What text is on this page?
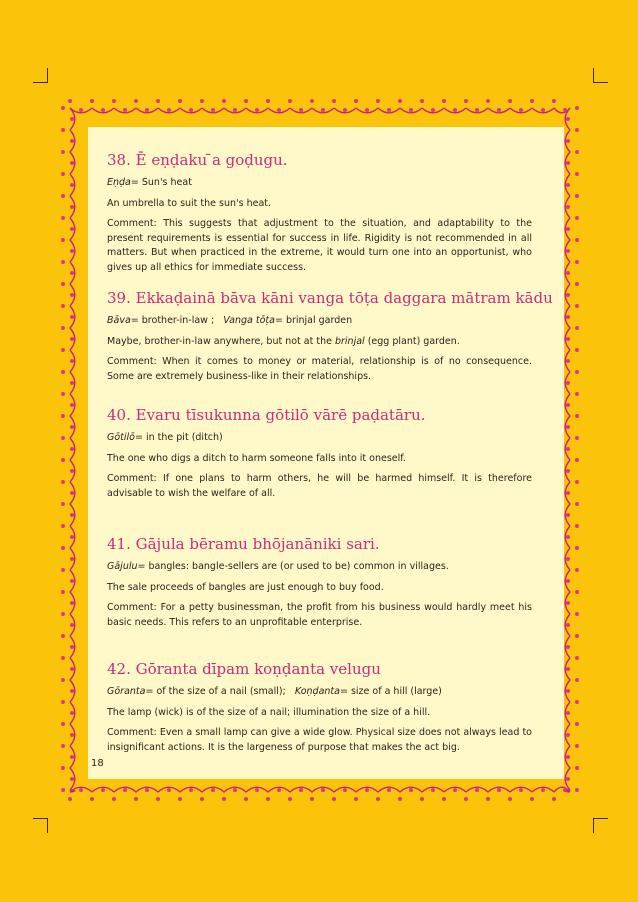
38. Ē eṇḍaku ̄a goḍugu.
Eṇḍa= Sun's heat
An umbrella to suit the sun's heat.
Comment: This suggests that adjustment to the situation, and adaptability to the present requirements is essential for success in life. Rigidity is not recommended in all matters. But when practiced in the extreme, it would turn one into an opportunist, who gives up all ethics for immediate success.
39. Ekkaḍainā bāva kāni vanga tōṭa daggara mātram kādu
Bāva= brother-in-law ; Vanga tōṭa= brinjal garden
Maybe, brother-in-law anywhere, but not at the brinjal (egg plant) garden.
Comment: When it comes to money or material, relationship is of no consequence. Some are extremely business-like in their relationships.
40. Evaru tīsukunna gōtilō vārē paḍatāru.
Gōtilō= in the pit (ditch)
The one who digs a ditch to harm someone falls into it oneself.
Comment: If one plans to harm others, he will be harmed himself. It is therefore advisable to wish the welfare of all.
41. Gājula bēramu bhōjanāniki sari.
Gājulu= bangles: bangle-sellers are (or used to be) common in villages.
The sale proceeds of bangles are just enough to buy food.
Comment: For a petty businessman, the profit from his business would hardly meet his basic needs. This refers to an unprofitable enterprise.
42. Gōranta dīpam koṇḍanta velugu
Gōranta= of the size of a nail (small); Koṇḍanta= size of a hill (large)
The lamp (wick) is of the size of a nail; illumination the size of a hill.
Comment: Even a small lamp can give a wide glow. Physical size does not always lead to insignificant actions. It is the largeness of purpose that makes the act big.
18
